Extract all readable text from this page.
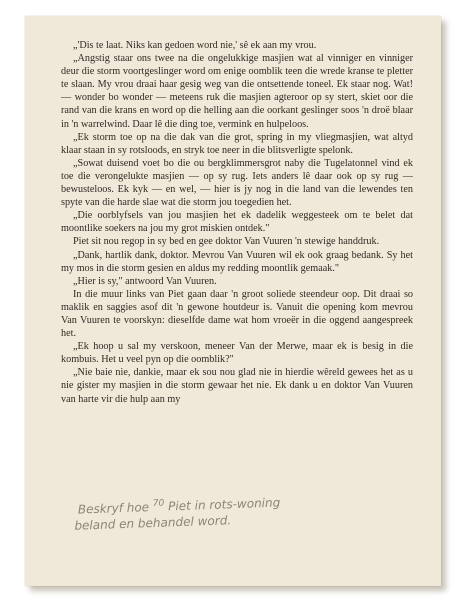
„'Dis te laat. Niks kan gedoen word nie,' sê ek aan my vrou.

„Angstig staar ons twee na die ongelukkige masjien wat al vinniger en vinniger deur die storm voortgeslinger word om enige oomblik teen die wrede kranse te pletter te slaan. My vrou draai haar gesig weg van die ontsettende toneel. Ek staar nog. Wat! — wonder bo wonder — meteens ruk die masjien agteroor op sy stert, skiet oor die rand van die krans en word op die helling aan die oorkant geslinger soos 'n droë blaar in 'n warrelwind. Daar lê die ding toe, vermink en hulpeloos.

„Ek storm toe op na die dak van die grot, spring in my vliegmasjien, wat altyd klaar staan in sy rotsloods, en stryk toe neer in die blitsverligte spelonk.

„Sowat duisend voet bo die ou bergklimmersgrot naby die Tugelatonnel vind ek toe die verongelukte masjien — op sy rug. Iets anders lê daar ook op sy rug — bewusteloos. Ek kyk — en wel, — hier is jy nog in die land van die lewendes ten spyte van die harde slae wat die storm jou toegedien het.

„Die oorblyfsels van jou masjien het ek dadelik weggesteek om te belet dat moontlike soekers na jou my grot miskien ontdek."

Piet sit nou regop in sy bed en gee doktor Van Vuuren 'n stewige handdruk.

„Dank, hartlik dank, doktor. Mevrou Van Vuuren wil ek ook graag bedank. Sy het my mos in die storm gesien en aldus my redding moontlik gemaak."

„Hier is sy," antwoord Van Vuuren.

In die muur links van Piet gaan daar 'n groot soliede steendeur oop. Dit draai so maklik en saggies asof dit 'n gewone houtdeur is. Vanuit die opening kom mevrou Van Vuuren te voorskyn: dieselfde dame wat hom vroeër in die oggend aangespreek het.

„Ek hoop u sal my verskoon, meneer Van der Merwe, maar ek is besig in die kombuis. Het u veel pyn op die oomblik?"

„Nie baie nie, dankie, maar ek sou nou glad nie in hierdie wêreld gewees het as u nie gister my masjien in die storm gewaar het nie. Ek dank u en doktor Van Vuuren van harte vir die hulp aan my

Beskryf hoe $^{70}$ Piet in rots-woning
beland en behandel word.
